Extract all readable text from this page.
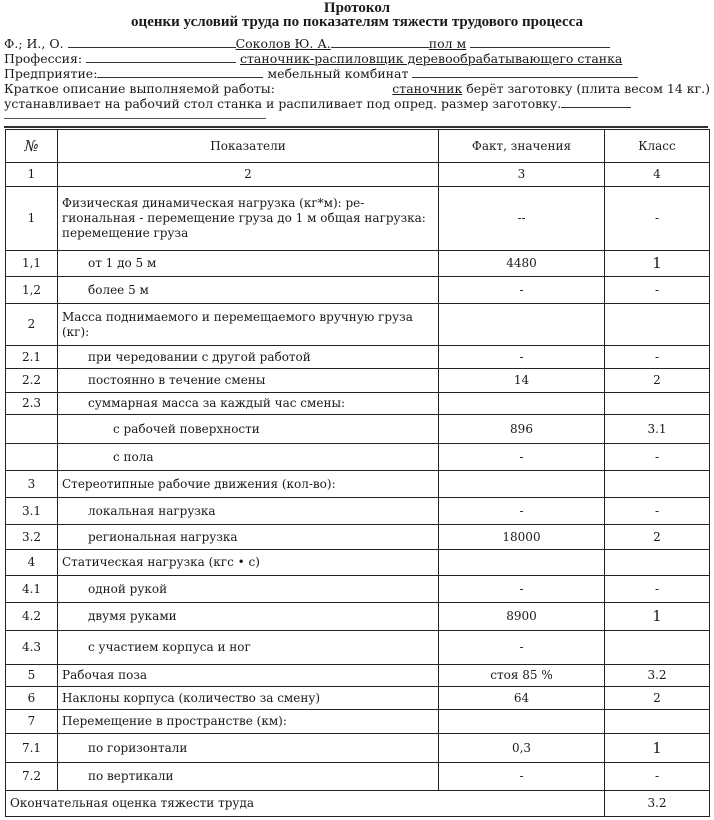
Протокол
оценки условий труда по показателям тяжести трудового процесса
Ф.; И., О.	Соколов Ю. А.	пол м
Профессия:	станочник-распиловщик деревообрабатывающего станка
Предприятие:	мебельный комбинат
Краткое описание выполняемой работы:	станочник берёт заготовку (плита весом 14 кг.)
устанавливает на рабочий стол станка и распиливает под опред. размер заготовку.
№	Показатели	Факт, значения	Класс
1	2	3	4
1	Физическая динамическая нагрузка (кг*м): ре-гиональная - перемещение груза до 1 м общая нагрузка: перемещение груза	--	-
1,1	от 1 до 5 м	4480	1
1,2	более 5 м	-	-
2	Масса поднимаемого и перемещаемого вручную груза (кг):		
2.1	при чередовании с другой работой	-	-
2.2	постоянно в течение смены	14	2
2.3	суммарная масса за каждый час смены:		
	с рабочей поверхности	896	3.1
	с пола	-	-
3	Стереотипные рабочие движения (кол-во):		
3.1	локальная нагрузка	-	-
3.2	региональная нагрузка	18000	2
4	Статическая нагрузка (кгс • с)		
4.1	одной рукой	-	-
4.2	двумя руками	8900	1
4.3	с участием корпуса и ног	-	
5	Рабочая поза	стоя 85 %	3.2
6	Наклоны корпуса (количество за смену)	64	2
7	Перемещение в пространстве (км):		
7.1	по горизонтали	0,3	1
7.2	по вертикали	-	-
Окончательная оценка тяжести труда			3.2
